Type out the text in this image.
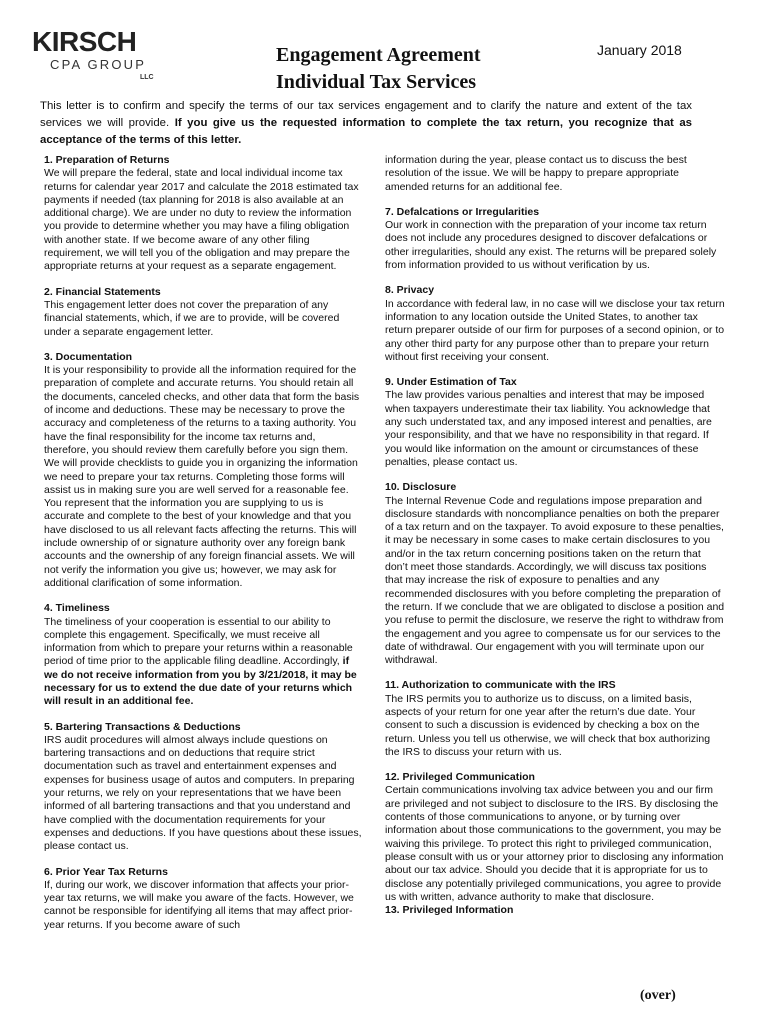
KIRSCH
CPA GROUP
LLC
Engagement Agreement
Individual Tax Services
January 2018
This letter is to confirm and specify the terms of our tax services engagement and to clarify the nature and extent of the tax services we will provide. If you give us the requested information to complete the tax return, you recognize that as acceptance of the terms of this letter.
1. Preparation of Returns

We will prepare the federal, state and local individual income tax returns for calendar year 2017 and calculate the 2018 estimated tax payments if needed (tax planning for 2018 is also available at an additional charge). We are under no duty to review the information you provide to determine whether you may have a filing obligation with another state. If we become aware of any other filing requirement, we will tell you of the obligation and may prepare the appropriate returns at your request as a separate engagement.

2. Financial Statements

This engagement letter does not cover the preparation of any financial statements, which, if we are to provide, will be covered under a separate engagement letter.

3. Documentation

It is your responsibility to provide all the information required for the preparation of complete and accurate returns. You should retain all the documents, canceled checks, and other data that form the basis of income and deductions. These may be necessary to prove the accuracy and completeness of the returns to a taxing authority. You have the final responsibility for the income tax returns and, therefore, you should review them carefully before you sign them.

We will provide checklists to guide you in organizing the information we need to prepare your tax returns. Completing those forms will assist us in making sure you are well served for a reasonable fee. You represent that the information you are supplying to us is accurate and complete to the best of your knowledge and that you have disclosed to us all relevant facts affecting the returns. This will include ownership of or signature authority over any foreign bank accounts and the ownership of any foreign financial assets. We will not verify the information you give us; however, we may ask for additional clarification of some information.

4. Timeliness

The timeliness of your cooperation is essential to our ability to complete this engagement. Specifically, we must receive all information from which to prepare your returns within a reasonable period of time prior to the applicable filing deadline. Accordingly, if we do not receive information from you by 3/21/2018, it may be necessary for us to extend the due date of your returns which will result in an additional fee.

5. Bartering Transactions & Deductions

IRS audit procedures will almost always include questions on bartering transactions and on deductions that require strict documentation such as travel and entertainment expenses and expenses for business usage of autos and computers. In preparing your returns, we rely on your representations that we have been informed of all bartering transactions and that you understand and have complied with the documentation requirements for your expenses and deductions. If you have questions about these issues, please contact us.

6. Prior Year Tax Returns

If, during our work, we discover information that affects your prior-year tax returns, we will make you aware of the facts. However, we cannot be responsible for identifying all items that may affect prior-year returns. If you become aware of such

information during the year, please contact us to discuss the best resolution of the issue. We will be happy to prepare appropriate amended returns for an additional fee.

7. Defalcations or Irregularities

Our work in connection with the preparation of your income tax return does not include any procedures designed to discover defalcations or other irregularities, should any exist. The returns will be prepared solely from information provided to us without verification by us.

8. Privacy

In accordance with federal law, in no case will we disclose your tax return information to any location outside the United States, to another tax return preparer outside of our firm for purposes of a second opinion, or to any other third party for any purpose other than to prepare your return without first receiving your consent.

9. Under Estimation of Tax

The law provides various penalties and interest that may be imposed when taxpayers underestimate their tax liability. You acknowledge that any such understated tax, and any imposed interest and penalties, are your responsibility, and that we have no responsibility in that regard. If you would like information on the amount or circumstances of these penalties, please contact us.

10. Disclosure

The Internal Revenue Code and regulations impose preparation and disclosure standards with noncompliance penalties on both the preparer of a tax return and on the taxpayer. To avoid exposure to these penalties, it may be necessary in some cases to make certain disclosures to you and/or in the tax return concerning positions taken on the return that don’t meet those standards. Accordingly, we will discuss tax positions that may increase the risk of exposure to penalties and any recommended disclosures with you before completing the preparation of the return. If we conclude that we are obligated to disclose a position and you refuse to permit the disclosure, we reserve the right to withdraw from the engagement and you agree to compensate us for our services to the date of withdrawal. Our engagement with you will terminate upon our withdrawal.

11. Authorization to communicate with the IRS

The IRS permits you to authorize us to discuss, on a limited basis, aspects of your return for one year after the return’s due date. Your consent to such a discussion is evidenced by checking a box on the return. Unless you tell us otherwise, we will check that box authorizing the IRS to discuss your return with us.

12. Privileged Communication

Certain communications involving tax advice between you and our firm are privileged and not subject to disclosure to the IRS. By disclosing the contents of those communications to anyone, or by turning over information about those communications to the government, you may be waiving this privilege. To protect this right to privileged communication, please consult with us or your attorney prior to disclosing any information about our tax advice. Should you decide that it is appropriate for us to disclose any potentially privileged communications, you agree to provide us with written, advance authority to make that disclosure.

13. Privileged Information
(over)
